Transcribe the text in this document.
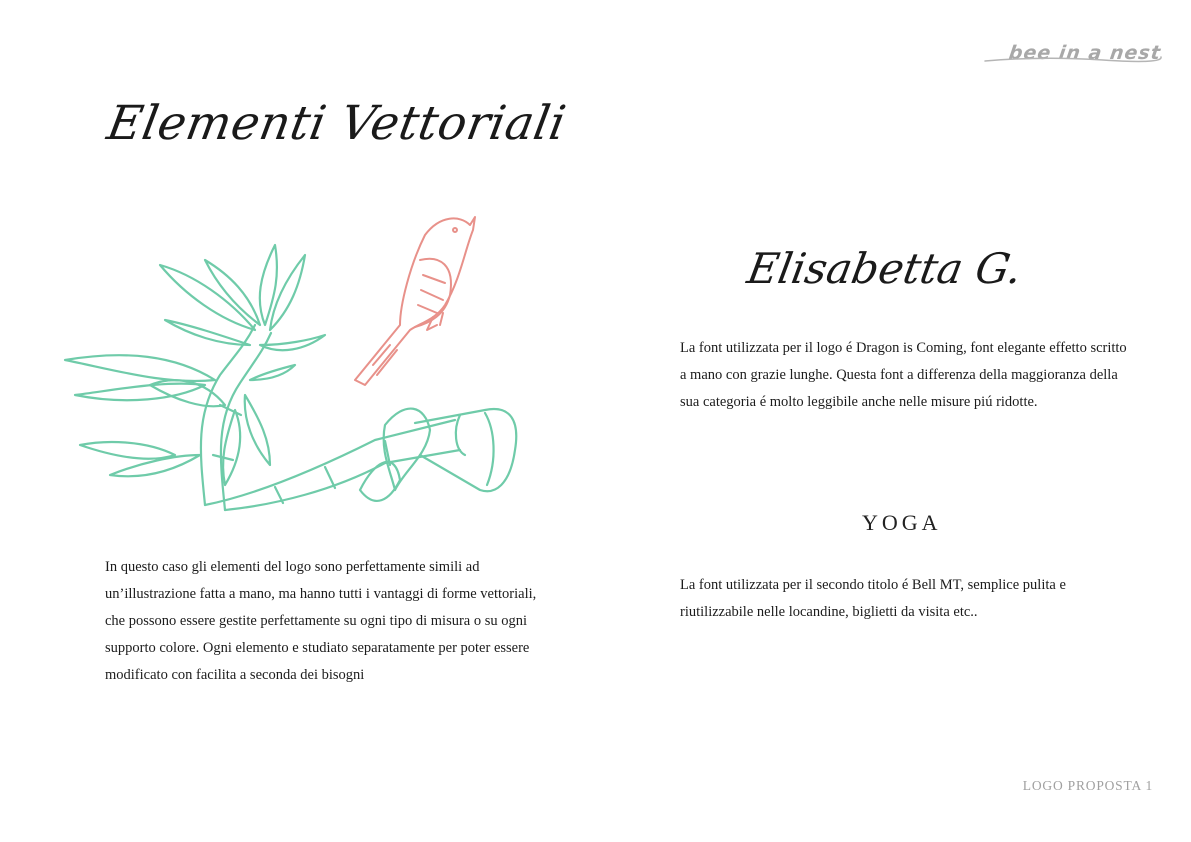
bee in a nest
Elementi Vettoriali
In questo caso gli elementi del logo sono perfettamente simili ad un’illustrazione fatta a mano, ma hanno tutti i vantaggi di forme vettoriali, che possono essere gestite perfettamente su ogni tipo di misura o su ogni supporto colore. Ogni elemento e studiato separatamente per poter essere modificato con facilita a seconda dei bisogni
Elisabetta G.
La font utilizzata per il logo é Dragon is Coming, font elegante effetto scritto a mano con grazie lunghe. Questa font a differenza della maggioranza della sua categoria é molto leggibile anche nelle misure piú ridotte.
YOGA
La font utilizzata per il secondo titolo é Bell MT, semplice pulita e riutilizzabile nelle locandine, biglietti da visita etc..
LOGO PROPOSTA 1
